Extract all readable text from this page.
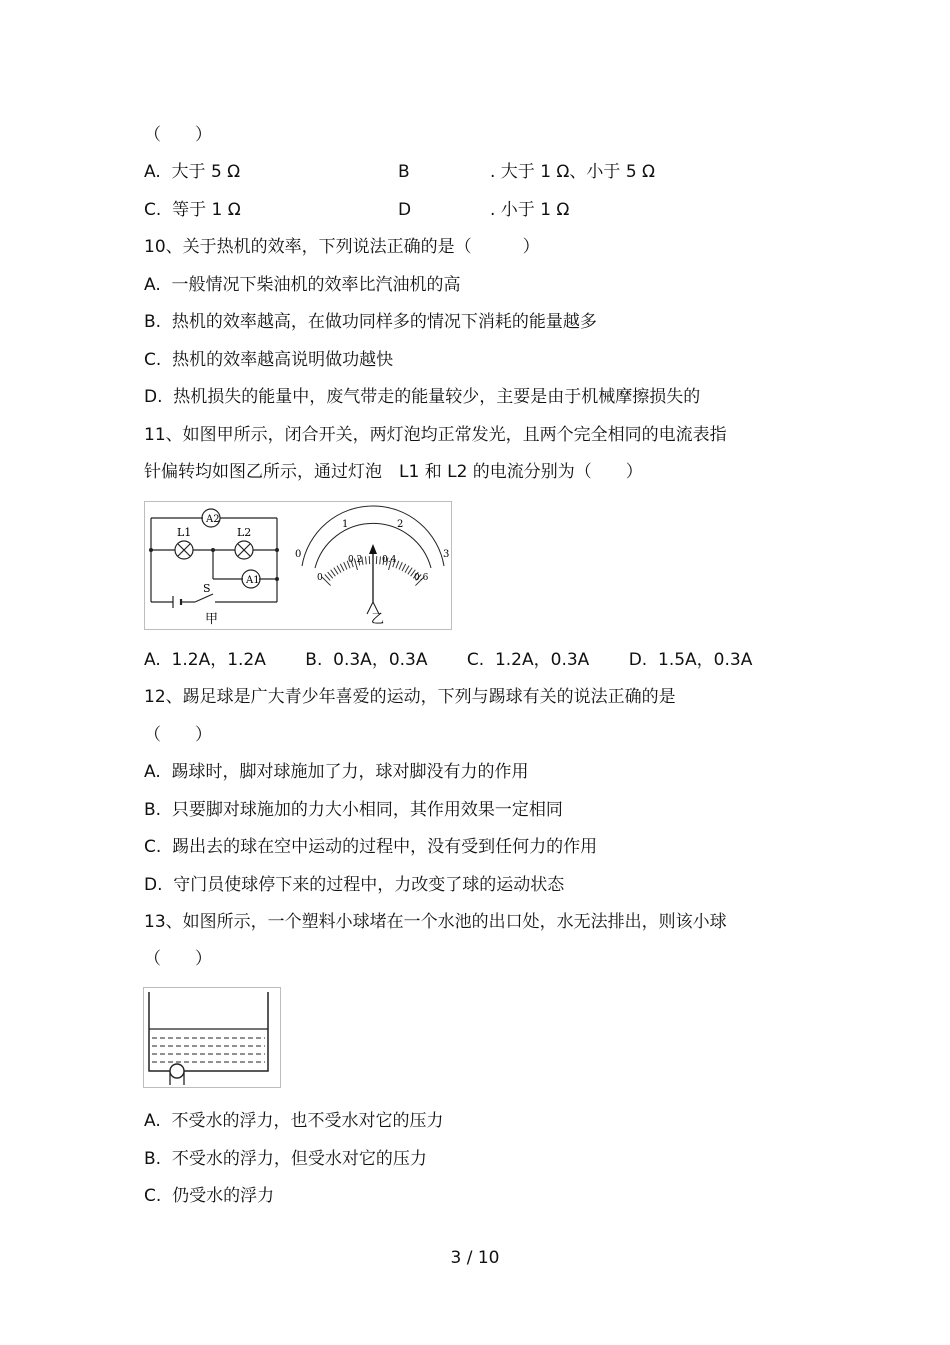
（　　）
A.  大于 5 Ω	B	. 大于 1 Ω、小于 5 Ω
C.  等于 1 Ω	D	. 小于 1 Ω
10、关于热机的效率，下列说法正确的是（　　　）
A.  一般情况下柴油机的效率比汽油机的高
B.  热机的效率越高，在做功同样多的情况下消耗的能量越多
C.  热机的效率越高说明做功越快
D.  热机损失的能量中，废气带走的能量较少，主要是由于机械摩擦损失的
11、如图甲所示，闭合开关，两灯泡均正常发光，且两个完全相同的电流表指
针偏转均如图乙所示，通过灯泡　L1 和 L2 的电流分别为（　　）
A2
A1
L1	L2
S
甲
0
1	2
3
0
0.2 0.4
0.6
乙
A.  1.2A，1.2A　　 B.  0.3A，0.3A　　 C.  1.2A，0.3A　　 D.  1.5A，0.3A
12、踢足球是广大青少年喜爱的运动，下列与踢球有关的说法正确的是
（　　）
A.  踢球时，脚对球施加了力，球对脚没有力的作用
B.  只要脚对球施加的力大小相同，其作用效果一定相同
C.  踢出去的球在空中运动的过程中，没有受到任何力的作用
D.  守门员使球停下来的过程中，力改变了球的运动状态
13、如图所示，一个塑料小球堵在一个水池的出口处，水无法排出，则该小球
（　　）
A.  不受水的浮力，也不受水对它的压力
B.  不受水的浮力，但受水对它的压力
C.  仍受水的浮力
3 / 10
